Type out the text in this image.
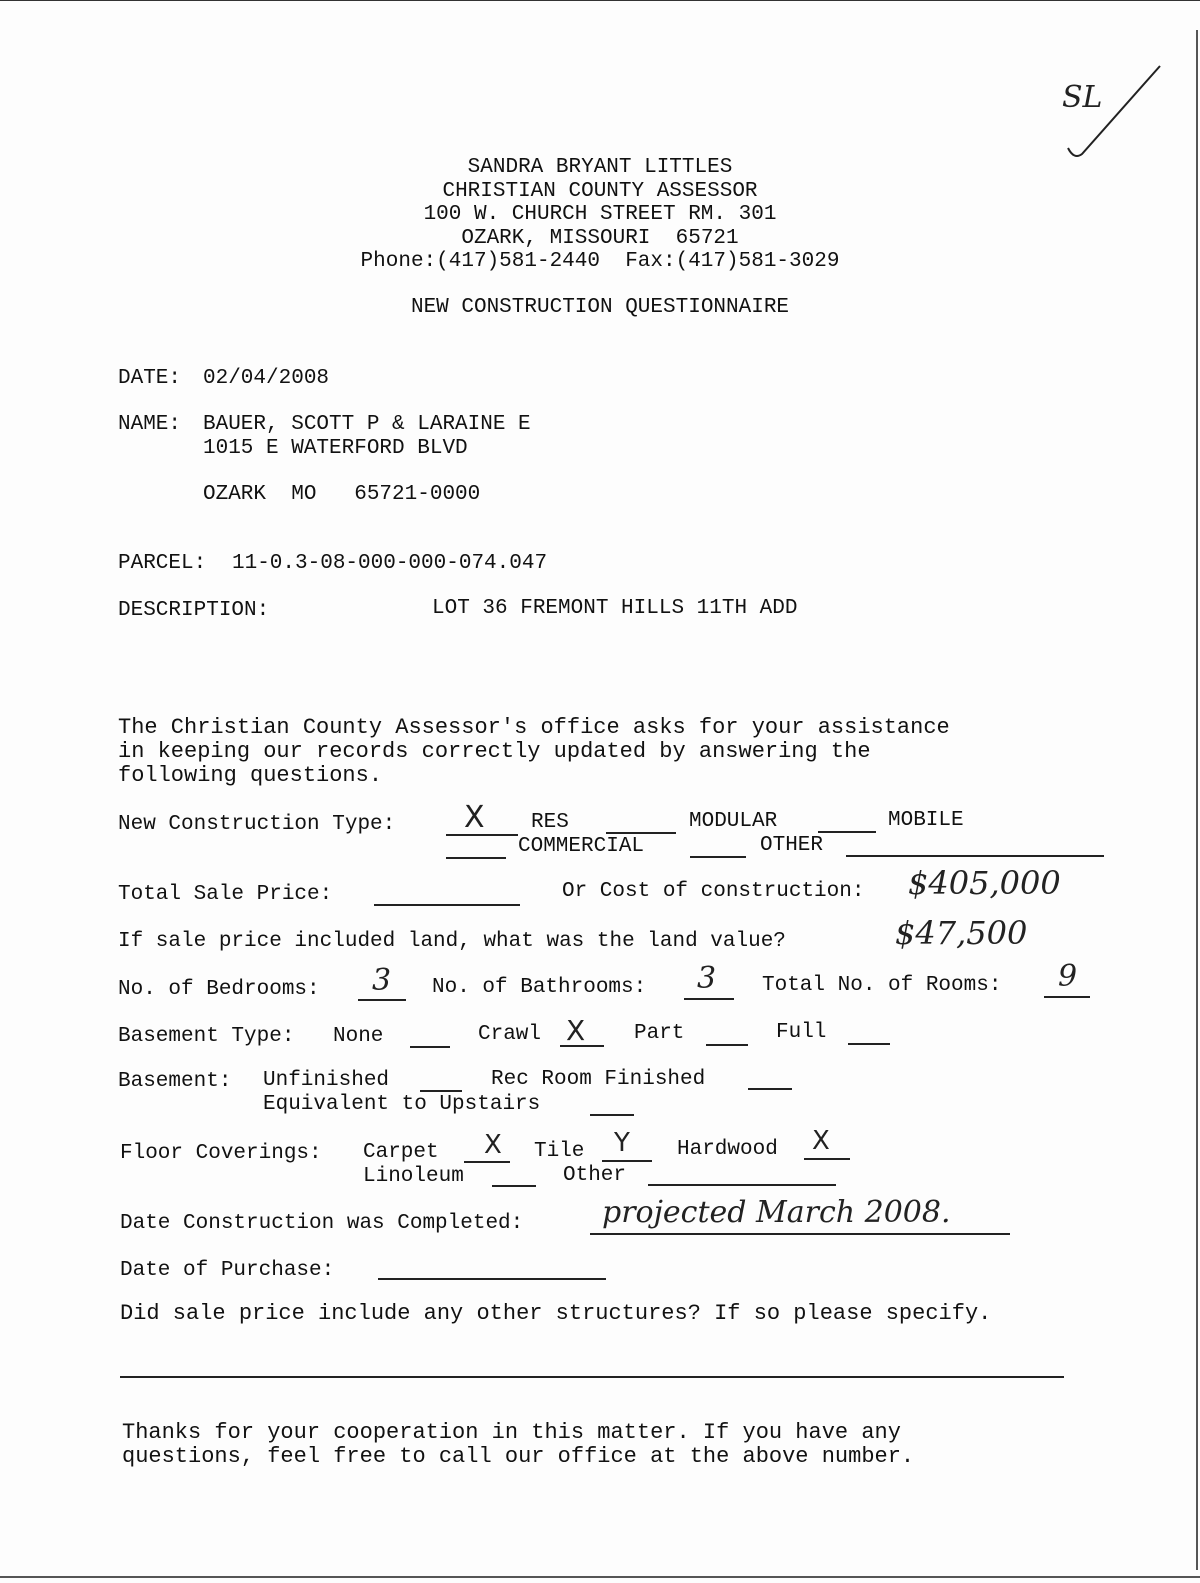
SL
SANDRA BRYANT LITTLES
CHRISTIAN COUNTY ASSESSOR
100 W. CHURCH STREET RM. 301
OZARK, MISSOURI  65721
Phone:(417)581-2440  Fax:(417)581-3029
NEW CONSTRUCTION QUESTIONNAIRE
DATE: 02/04/2008
NAME: BAUER, SCOTT P & LARAINE E
1015 E WATERFORD BLVD
OZARK  MO   65721-0000
PARCEL: 11-0.3-08-000-000-074.047
DESCRIPTION:	LOT 36 FREMONT HILLS 11TH ADD
The Christian County Assessor's office asks for your assistance
in keeping our records correctly updated by answering the
following questions.
New Construction Type: X RES	MODULAR	MOBILE
COMMERCIAL	OTHER
Total Sale Price:	Or Cost of construction: $405,000
If sale price included land, what was the land value?	$47,500
No. of Bedrooms: 3 No. of Bathrooms: 3 Total No. of Rooms: 9
Basement Type: None	Crawl X Part	Full
Basement: Unfinished	Rec Room Finished
Equivalent to Upstairs
Floor Coverings: Carpet X Tile Y Hardwood X
Linoleum	Other
Date Construction was Completed:	projected March 2008.
Date of Purchase:
Did sale price include any other structures? If so please specify.
Thanks for your cooperation in this matter. If you have any
questions, feel free to call our office at the above number.
